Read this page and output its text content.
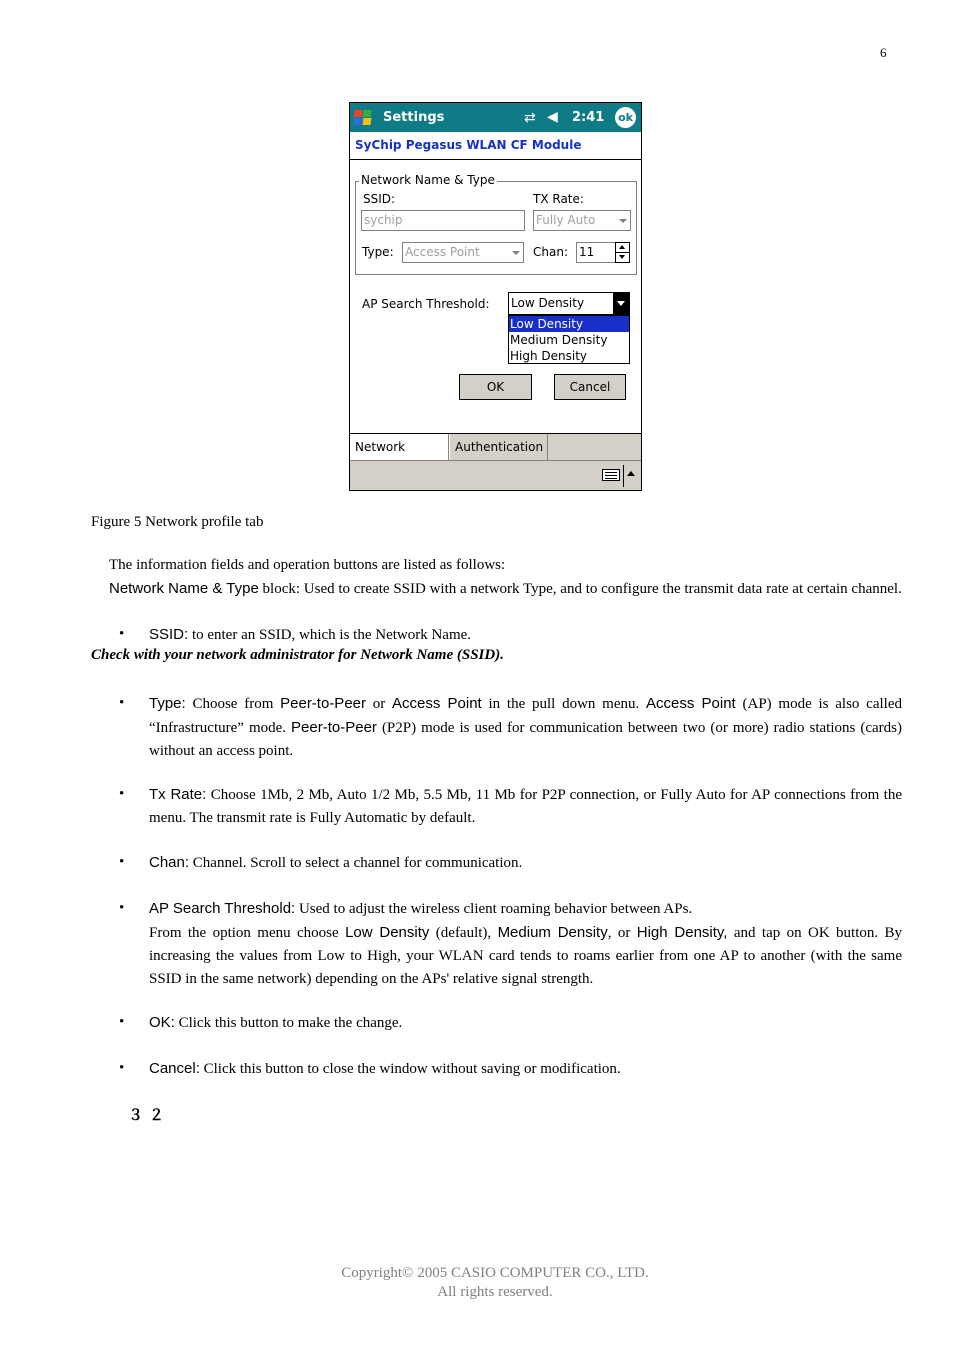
6
Settings	⇄ ◀︎ 2:41 ok
SyChip Pegasus WLAN CF Module
Network Name & Type
SSID:
sychip
TX Rate:
Fully Auto
Type: Access Point	Chan: 11
AP Search Threshold: Low Density
Low Density
Medium Density
High Density
OK	Cancel
Network	Authentication
Figure 5 Network profile tab
The information fields and operation buttons are listed as follows:
Network Name & Type block: Used to create SSID with a network Type, and to configure the transmit data rate at certain channel.
• SSID: to enter an SSID, which is the Network Name.
Check with your network administrator for Network Name (SSID).
• Type: Choose from Peer-to-Peer or Access Point in the pull down menu. Access Point (AP) mode is also called “Infrastructure” mode. Peer-to-Peer (P2P) mode is used for communication between two (or more) radio stations (cards) without an access point.
• Tx Rate: Choose 1Mb, 2 Mb, Auto 1/2 Mb, 5.5 Mb, 11 Mb for P2P connection, or Fully Auto for AP connections from the menu. The transmit rate is Fully Automatic by default.
• Chan: Channel. Scroll to select a channel for communication.
• AP Search Threshold: Used to adjust the wireless client roaming behavior between APs.
From the option menu choose Low Density (default), Medium Density, or High Density, and tap on OK button. By increasing the values from Low to High, your WLAN card tends to roams earlier from one AP to another (with the same SSID in the same network) depending on the APs' relative signal strength.
• OK: Click this button to make the change.
• Cancel: Click this button to close the window without saving or modification.
３２
Copyright© 2005 CASIO COMPUTER CO., LTD.
All rights reserved.
